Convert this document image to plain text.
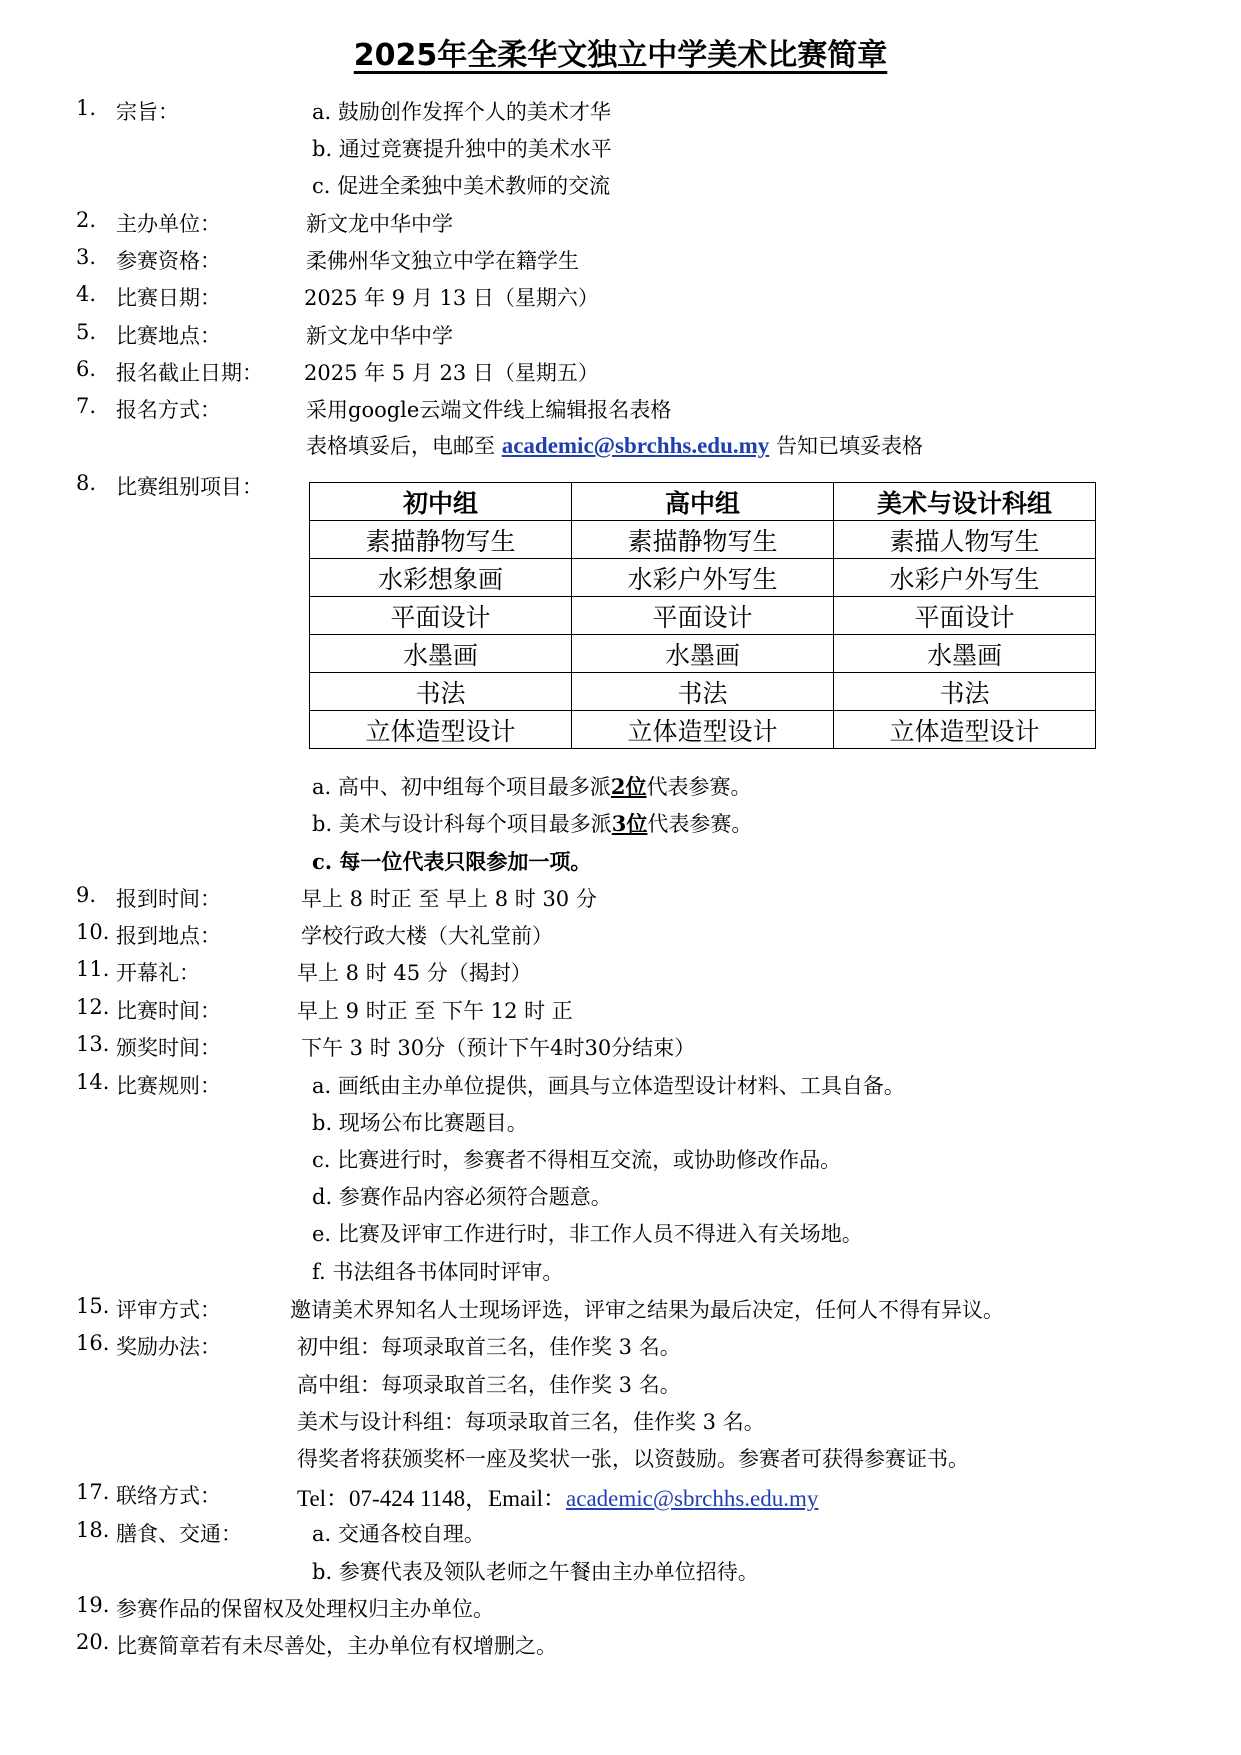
2025年全柔华文独立中学美术比赛简章
1. 宗旨：	a. 鼓励创作发挥个人的美术才华
b. 通过竞赛提升独中的美术水平
c. 促进全柔独中美术教师的交流
2. 主办单位：	新文龙中华中学
3. 参赛资格：	柔佛州华文独立中学在籍学生
4. 比赛日期：	2025 年 9 月 13 日（星期六）
5. 比赛地点：	新文龙中华中学
6. 报名截止日期： 2025 年 5 月 23 日（星期五）
7. 报名方式：	采用google云端文件线上编辑报名表格
表格填妥后，电邮至 academic@sbrchhs.edu.my 告知已填妥表格
8. 比赛组别项目：
初中组	高中组	美术与设计科组
素描静物写生	素描静物写生	素描人物写生
水彩想象画	水彩户外写生	水彩户外写生
平面设计	平面设计	平面设计
水墨画	水墨画	水墨画
书法	书法	书法
立体造型设计	立体造型设计	立体造型设计
a. 高中、初中组每个项目最多派2位代表参赛。
b. 美术与设计科每个项目最多派3位代表参赛。
c. 每一位代表只限参加一项。
9. 报到时间：	早上 8 时正 至 早上 8 时 30 分
10. 报到地点：	学校行政大楼（大礼堂前）
11. 开幕礼：	早上 8 时 45 分（揭封）
12. 比赛时间：	早上 9 时正 至 下午 12 时 正
13. 颁奖时间：	下午 3 时 30分（预计下午4时30分结束）
14. 比赛规则：	a. 画纸由主办单位提供，画具与立体造型设计材料、工具自备。
b. 现场公布比赛题目。
c. 比赛进行时，参赛者不得相互交流，或协助修改作品。
d. 参赛作品内容必须符合题意。
e. 比赛及评审工作进行时，非工作人员不得进入有关场地。
f. 书法组各书体同时评审。
15. 评审方式：	邀请美术界知名人士现场评选，评审之结果为最后决定，任何人不得有异议。
16. 奖励办法：	初中组：每项录取首三名，佳作奖 3 名。
高中组：每项录取首三名，佳作奖 3 名。
美术与设计科组：每项录取首三名，佳作奖 3 名。
得奖者将获颁奖杯一座及奖状一张，以资鼓励。参赛者可获得参赛证书。
17. 联络方式：	Tel：07-424 1148，Email：academic@sbrchhs.edu.my
18. 膳食、交通：	a. 交通各校自理。
b. 参赛代表及领队老师之午餐由主办单位招待。
19. 参赛作品的保留权及处理权归主办单位。
20. 比赛简章若有未尽善处，主办单位有权增删之。
